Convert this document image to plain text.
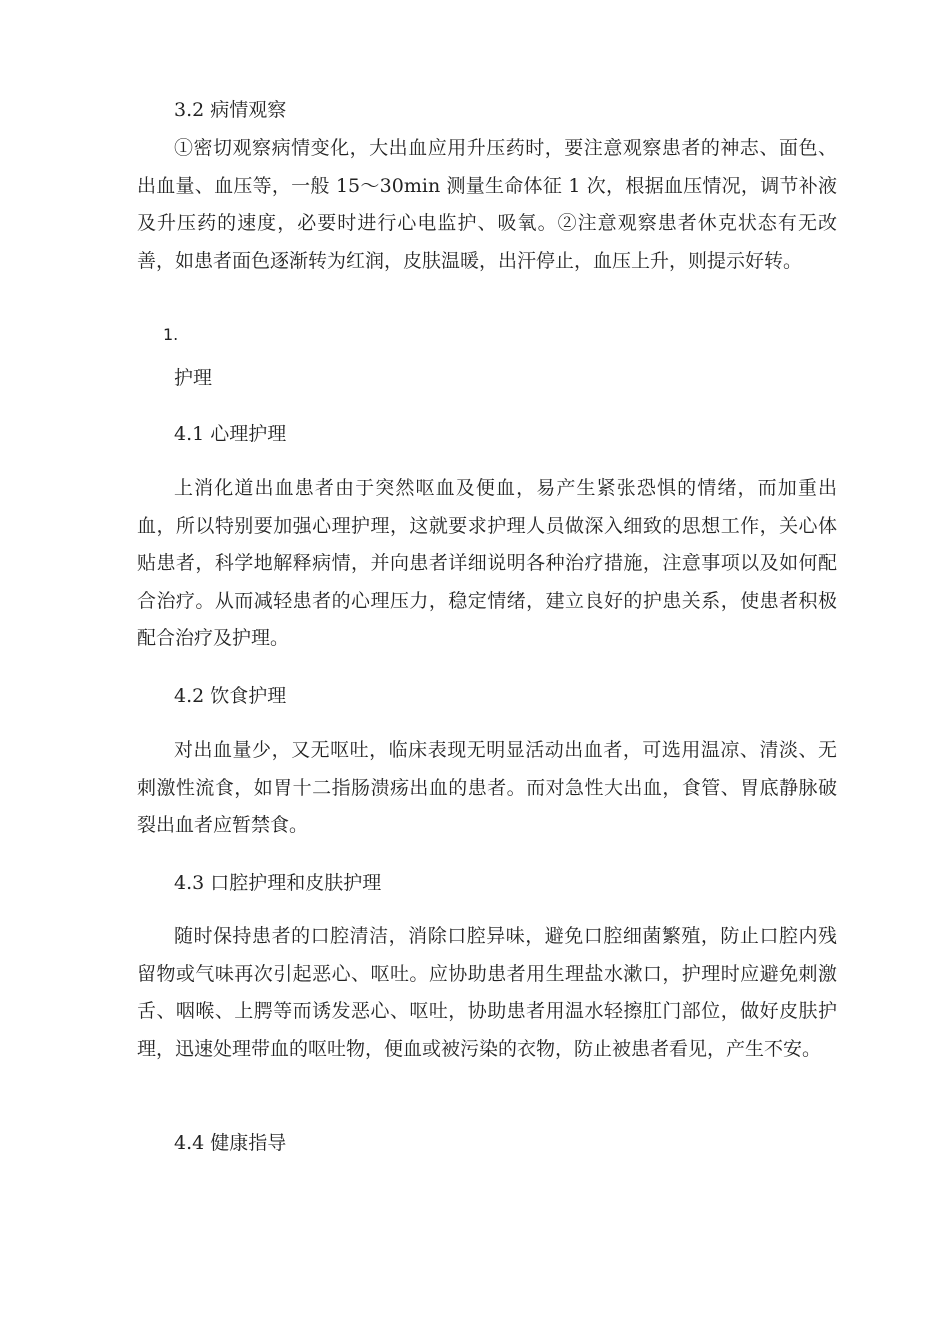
3.2 病情观察

①密切观察病情变化，大出血应用升压药时，要注意观察患者的神志、面色、出血量、血压等，一般 15～30min 测量生命体征 1 次，根据血压情况，调节补液及升压药的速度，必要时进行心电监护、吸氧。②注意观察患者休克状态有无改善，如患者面色逐渐转为红润，皮肤温暖，出汗停止，血压上升，则提示好转。

1.
护理
4.1 心理护理

上消化道出血患者由于突然呕血及便血，易产生紧张恐惧的情绪，而加重出血，所以特别要加强心理护理，这就要求护理人员做深入细致的思想工作，关心体贴患者，科学地解释病情，并向患者详细说明各种治疗措施，注意事项以及如何配合治疗。从而减轻患者的心理压力，稳定情绪，建立良好的护患关系，使患者积极配合治疗及护理。

4.2 饮食护理

对出血量少，又无呕吐，临床表现无明显活动出血者，可选用温凉、清淡、无刺激性流食，如胃十二指肠溃疡出血的患者。而对急性大出血，食管、胃底静脉破裂出血者应暂禁食。

4.3 口腔护理和皮肤护理

随时保持患者的口腔清洁，消除口腔异味，避免口腔细菌繁殖，防止口腔内残留物或气味再次引起恶心、呕吐。应协助患者用生理盐水漱口，护理时应避免刺激舌、咽喉、上腭等而诱发恶心、呕吐，协助患者用温水轻擦肛门部位，做好皮肤护理，迅速处理带血的呕吐物，便血或被污染的衣物，防止被患者看见，产生不安。

4.4 健康指导
